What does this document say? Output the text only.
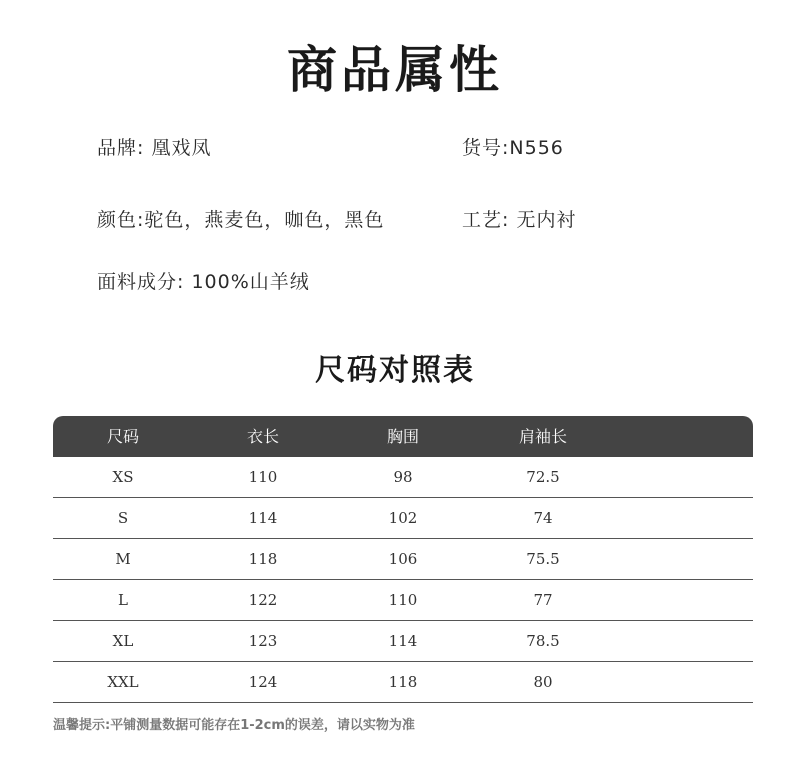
商品属性
品牌: 凰戏凤	货号:N556
颜色:驼色，燕麦色，咖色，黑色	工艺: 无内衬
面料成分: 100%山羊绒
尺码对照表
尺码	衣长	胸围	肩袖长
XS	110	98	72.5
S	114	102	74
M	118	106	75.5
L	122	110	77
XL	123	114	78.5
XXL	124	118	80
温馨提示:平铺测量数据可能存在1-2cm的误差，请以实物为准
